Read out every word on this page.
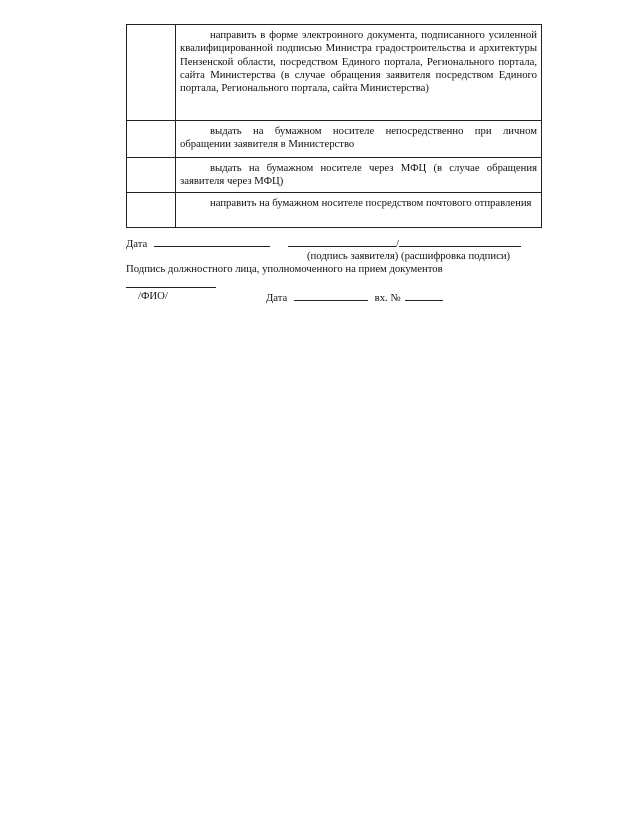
	направить в форме электронного документа, подписанного усиленной квалифицированной подписью Министра градостроительства и архитектуры Пензенской области, посредством Единого портала, Регионального портала, сайта Министерства (в случае обращения заявителя посредством Единого портала, Регионального портала, сайта Министерства)

	выдать на бумажном носителе непосредственно при личном обращении заявителя в Министерство

	выдать на бумажном носителе через МФЦ (в случае обращения заявителя через МФЦ)

	направить на бумажном носителе посредством почтового отправления
Дата	/
(подпись заявителя) (расшифровка подписи)
Подпись должностного лица, уполномоченного на прием документов
/ФИО/	Дата	вх. №
